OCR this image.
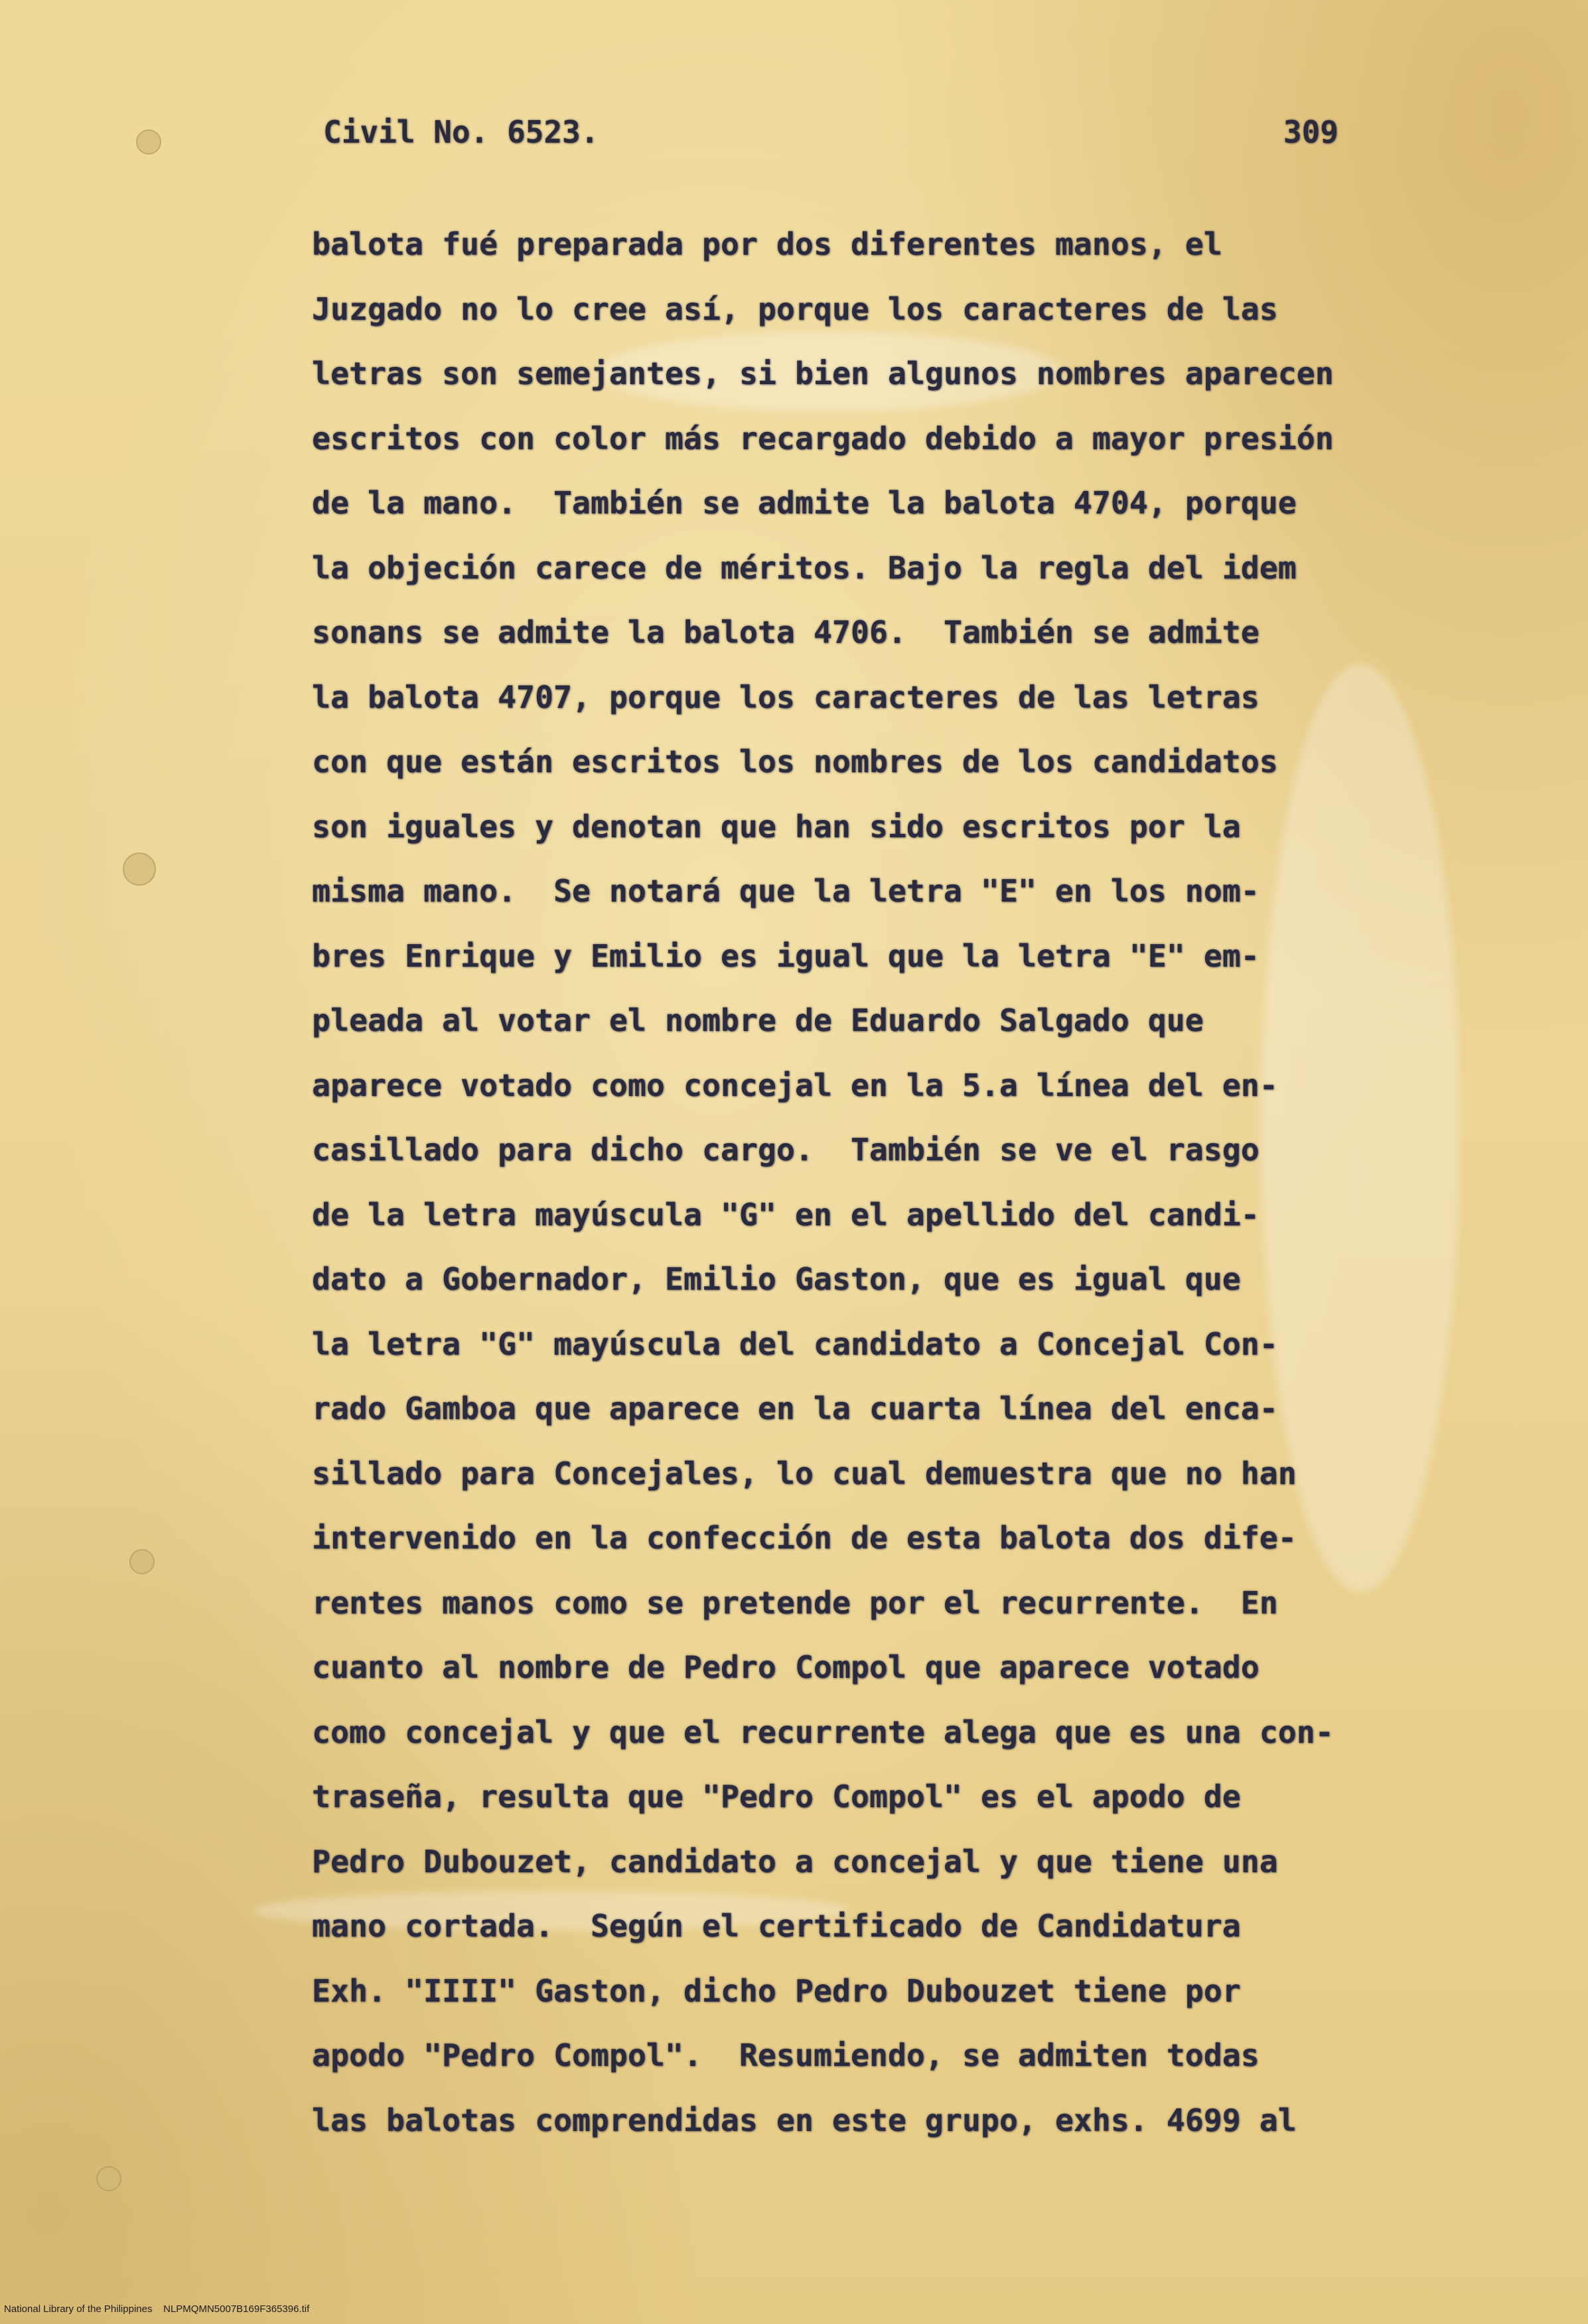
Civil No. 6523.	309
balota fué preparada por dos diferentes manos, el
Juzgado no lo cree así, porque los caracteres de las
letras son semejantes, si bien algunos nombres aparecen
escritos con color más recargado debido a mayor presión
de la mano.  También se admite la balota 4704, porque
la objeción carece de méritos. Bajo la regla del idem
sonans se admite la balota 4706.  También se admite
la balota 4707, porque los caracteres de las letras
con que están escritos los nombres de los candidatos
son iguales y denotan que han sido escritos por la
misma mano.  Se notará que la letra "E" en los nom-
bres Enrique y Emilio es igual que la letra "E" em-
pleada al votar el nombre de Eduardo Salgado que
aparece votado como concejal en la 5.a línea del en-
casillado para dicho cargo.  También se ve el rasgo
de la letra mayúscula "G" en el apellido del candi-
dato a Gobernador, Emilio Gaston, que es igual que
la letra "G" mayúscula del candidato a Concejal Con-
rado Gamboa que aparece en la cuarta línea del enca-
sillado para Concejales, lo cual demuestra que no han
intervenido en la confección de esta balota dos dife-
rentes manos como se pretende por el recurrente.  En
cuanto al nombre de Pedro Compol que aparece votado
como concejal y que el recurrente alega que es una con-
traseña, resulta que "Pedro Compol" es el apodo de
Pedro Dubouzet, candidato a concejal y que tiene una
mano cortada.  Según el certificado de Candidatura
Exh. "IIII" Gaston, dicho Pedro Dubouzet tiene por
apodo "Pedro Compol".  Resumiendo, se admiten todas
las balotas comprendidas en este grupo, exhs. 4699 al
National Library of the Philippines    NLPMQMN5007B169F365396.tif
